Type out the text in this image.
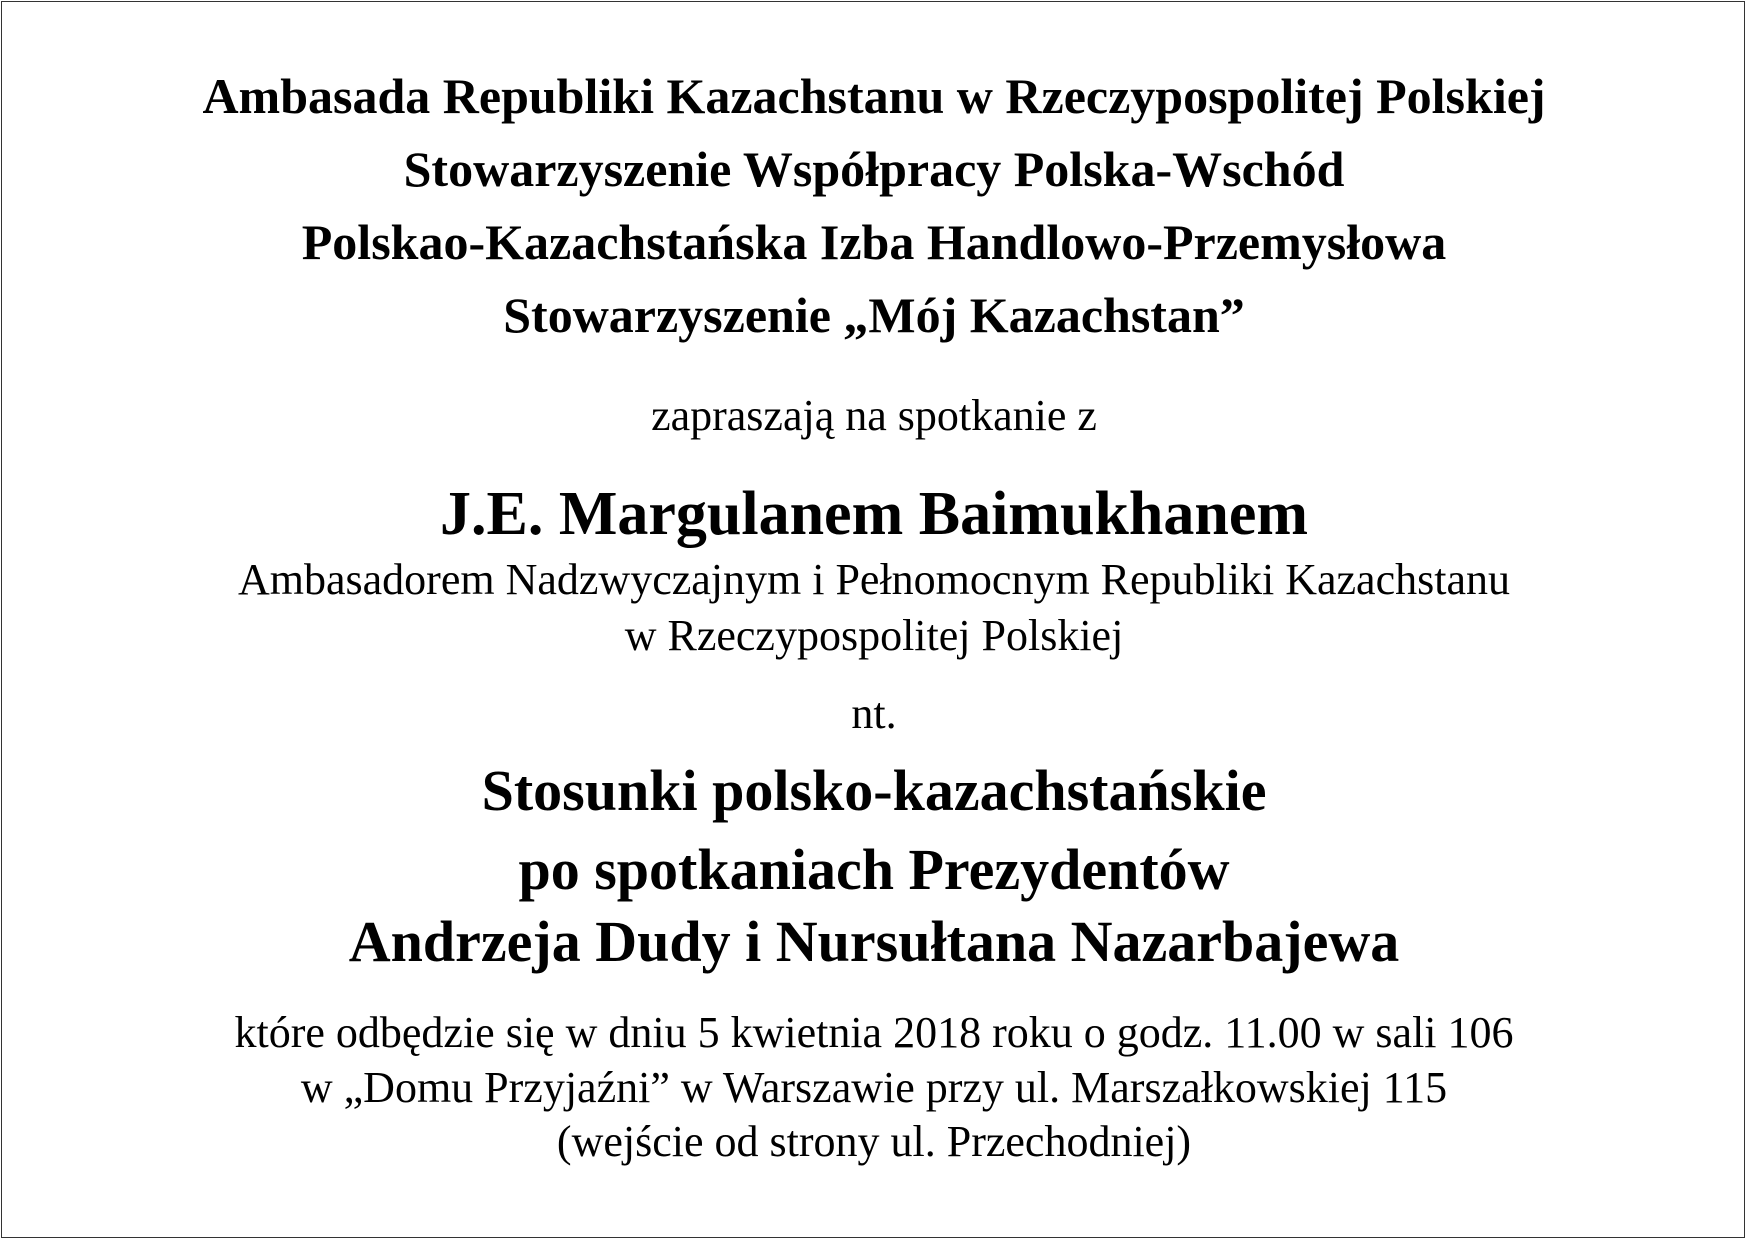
Ambasada Republiki Kazachstanu w Rzeczypospolitej Polskiej
Stowarzyszenie Współpracy Polska-Wschód
Polskao-Kazachstańska Izba Handlowo-Przemysłowa
Stowarzyszenie „Mój Kazachstan”
zapraszają na spotkanie z
J.E. Margulanem Baimukhanem
Ambasadorem Nadzwyczajnym i Pełnomocnym Republiki Kazachstanu
w Rzeczypospolitej Polskiej
nt.
Stosunki polsko-kazachstańskie
po spotkaniach Prezydentów
Andrzeja Dudy i Nursułtana Nazarbajewa
które odbędzie się w dniu 5 kwietnia 2018 roku o godz. 11.00 w sali 106
w „Domu Przyjaźni” w Warszawie przy ul. Marszałkowskiej 115
(wejście od strony ul. Przechodniej)
